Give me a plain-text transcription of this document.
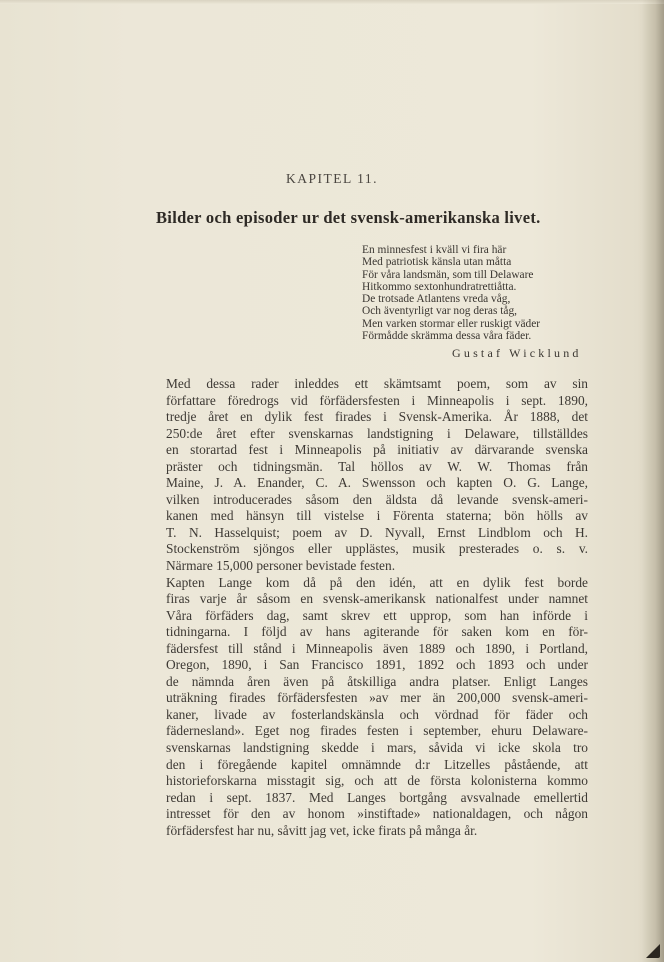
KAPITEL 11.
Bilder och episoder ur det svensk-amerikanska livet.
En minnesfest i kväll vi fira här
Med patriotisk känsla utan måtta
För våra landsmän, som till Delaware
Hitkommo sextonhundratrettiåtta.
De trotsade Atlantens vreda våg,
Och äventyrligt var nog deras tåg,
Men varken stormar eller ruskigt väder
Förmådde skrämma dessa våra fäder.
Gustaf Wicklund
Med dessa rader inleddes ett skämtsamt poem, som av sin
författare föredrogs vid förfädersfesten i Minneapolis i sept. 1890,
tredje året en dylik fest firades i Svensk-Amerika. År 1888, det
250:de året efter svenskarnas landstigning i Delaware, tillställdes
en storartad fest i Minneapolis på initiativ av därvarande svenska
präster och tidningsmän. Tal höllos av W. W. Thomas från
Maine, J. A. Enander, C. A. Swensson och kapten O. G. Lange,
vilken introducerades såsom den äldsta då levande svensk-ameri-
kanen med hänsyn till vistelse i Förenta staterna; bön hölls av
T. N. Hasselquist; poem av D. Nyvall, Ernst Lindblom och H.
Stockenström sjöngos eller upplästes, musik presterades o. s. v.
Närmare 15,000 personer bevistade festen.
Kapten Lange kom då på den idén, att en dylik fest borde
firas varje år såsom en svensk-amerikansk nationalfest under namnet
Våra förfäders dag, samt skrev ett upprop, som han införde i
tidningarna. I följd av hans agiterande för saken kom en för-
fädersfest till stånd i Minneapolis även 1889 och 1890, i Portland,
Oregon, 1890, i San Francisco 1891, 1892 och 1893 och under
de nämnda åren även på åtskilliga andra platser. Enligt Langes
uträkning firades förfädersfesten »av mer än 200,000 svensk-ameri-
kaner, livade av fosterlandskänsla och vördnad för fäder och
fädernesland». Eget nog firades festen i september, ehuru Delaware-
svenskarnas landstigning skedde i mars, såvida vi icke skola tro
den i föregående kapitel omnämnde d:r Litzelles påstående, att
historieforskarna misstagit sig, och att de första kolonisterna kommo
redan i sept. 1837. Med Langes bortgång avsvalnade emellertid
intresset för den av honom »instiftade» nationaldagen, och någon
förfädersfest har nu, såvitt jag vet, icke firats på många år.
